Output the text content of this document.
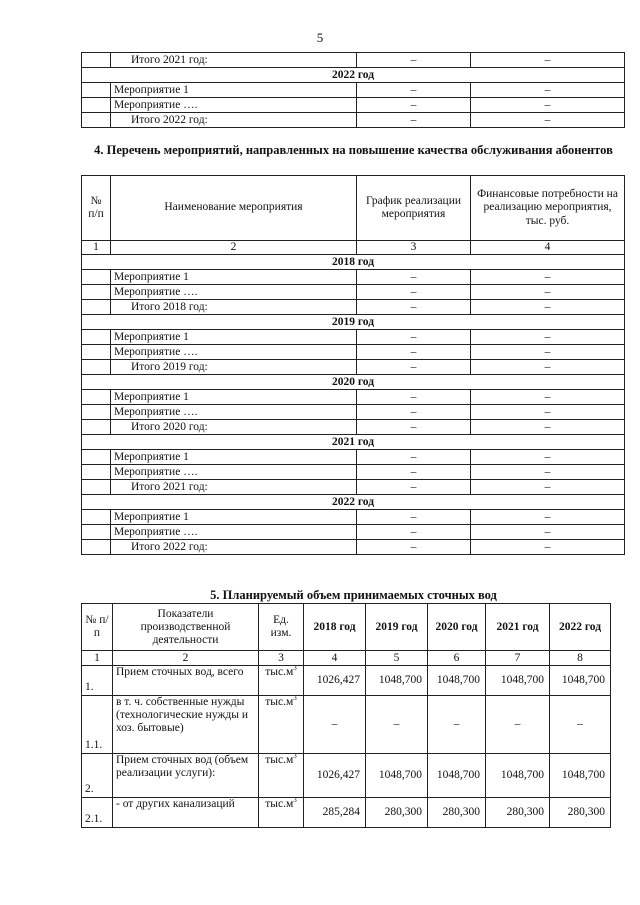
5
	Итого 2021 год:	–	–
2022 год			
	Мероприятие 1	–	–
	Мероприятие ….	–	–
	Итого 2022 год:	–	–
4. Перечень мероприятий, направленных на повышение качества обслуживания абонентов
№ п/п	Наименование мероприятия	График реализации мероприятия	Финансовые потребности на реализацию мероприятия, тыс. руб.
1	2	3	4
2018 год			
	Мероприятие 1	–	–
	Мероприятие ….	–	–
	Итого 2018 год:	–	–
2019 год			
	Мероприятие 1	–	–
	Мероприятие ….	–	–
	Итого 2019 год:	–	–
2020 год			
	Мероприятие 1	–	–
	Мероприятие ….	–	–
	Итого 2020 год:	–	–
2021 год			
	Мероприятие 1	–	–
	Мероприятие ….	–	–
	Итого 2021 год:	–	–
2022 год			
	Мероприятие 1	–	–
	Мероприятие ….	–	–
	Итого 2022 год:	–	–
5. Планируемый объем принимаемых сточных вод
№ п/п	Показатели производственной деятельности	Ед. изм.	2018 год	2019 год	2020 год	2021 год	2022 год
1	2	3	4	5	6	7	8
1.	Прием сточных вод, всего	$тыс.м^3$	1026,427	1048,700	1048,700	1048,700	1048,700
1.1.	в т. ч. собственные нужды (технологические нужды и хоз. бытовые)	$тыс.м^3$	–	–	–	–	–
2.	Прием сточных вод (объем реализации услуги):	$тыс.м^3$	1026,427	1048,700	1048,700	1048,700	1048,700
2.1.	- от других канализаций	$тыс.м^3$	285,284	280,300	280,300	280,300	280,300
